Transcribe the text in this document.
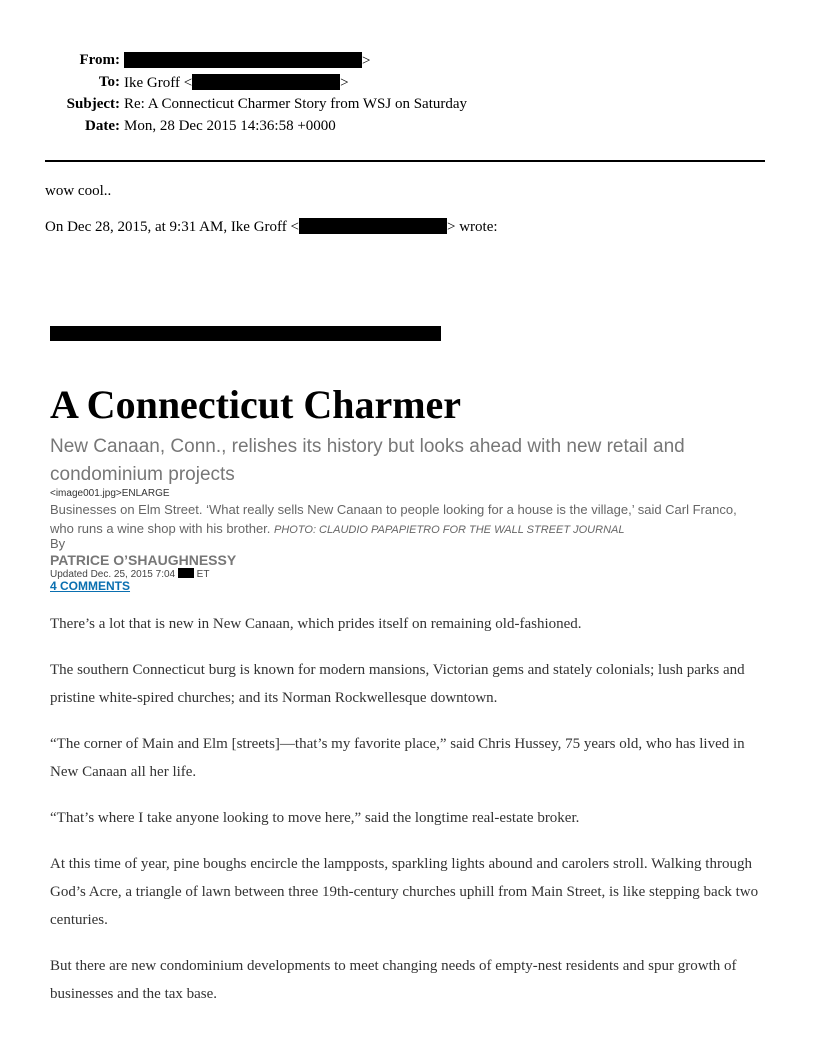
From:	>
To: Ike Groff <	>
Subject: Re: A Connecticut Charmer Story from WSJ on Saturday
Date: Mon, 28 Dec 2015 14:36:58 +0000
wow cool..
On Dec 28, 2015, at 9:31 AM, Ike Groff <	> wrote:
A Connecticut Charmer
New Canaan, Conn., relishes its history but looks ahead with new retail and condominium projects
<image001.jpg>ENLARGE
Businesses on Elm Street. ‘What really sells New Canaan to people looking for a house is the village,’ said Carl Franco, who runs a wine shop with his brother. PHOTO: CLAUDIO PAPAPIETRO FOR THE WALL STREET JOURNAL
By
PATRICE O’SHAUGHNESSY
Updated Dec. 25, 2015 7:04  ET
4 COMMENTS

There’s a lot that is new in New Canaan, which prides itself on remaining old-fashioned.

The southern Connecticut burg is known for modern mansions, Victorian gems and stately colonials; lush parks and pristine white-spired churches; and its Norman Rockwellesque downtown.

“The corner of Main and Elm [streets]—that’s my favorite place,” said Chris Hussey, 75 years old, who has lived in New Canaan all her life.

“That’s where I take anyone looking to move here,” said the longtime real-estate broker.

At this time of year, pine boughs encircle the lampposts, sparkling lights abound and carolers stroll. Walking through God’s Acre, a triangle of lawn between three 19th-century churches uphill from Main Street, is like stepping back two centuries.

But there are new condominium developments to meet changing needs of empty-nest residents and spur growth of businesses and the tax base.
